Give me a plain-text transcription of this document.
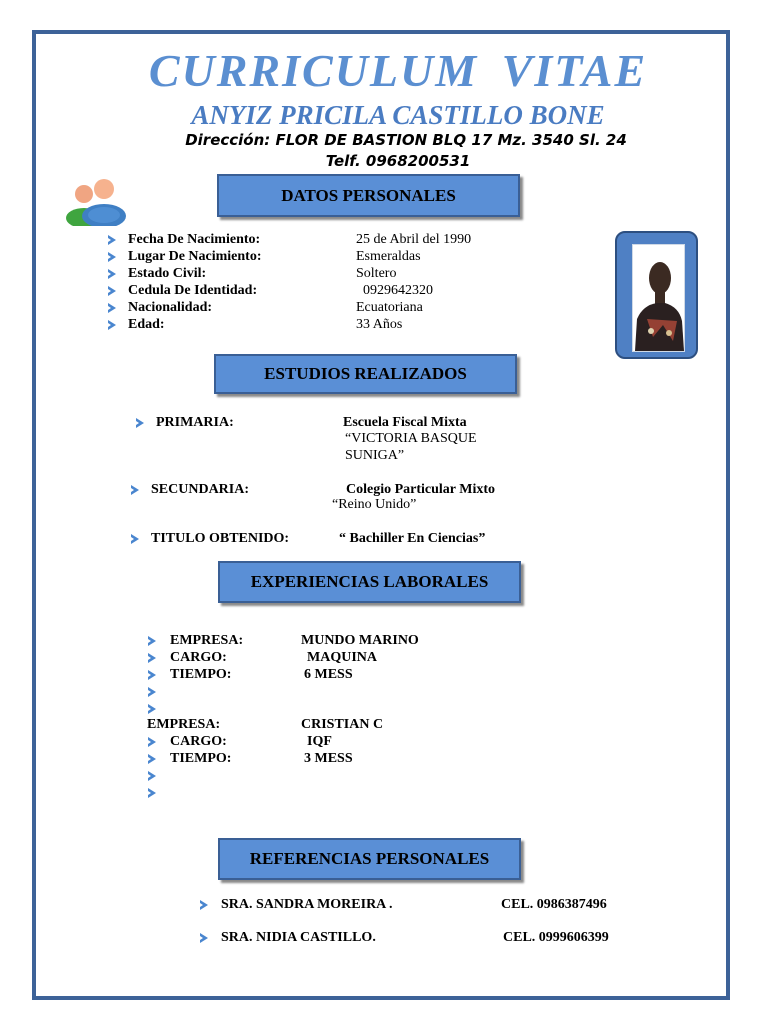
CURRICULUM VITAE
ANYIZ PRICILA CASTILLO BONE
Dirección: FLOR DE BASTION BLQ 17 Mz. 3540 Sl. 24
Telf. 0968200531
DATOS PERSONALES
Fecha De Nacimiento:	25 de Abril del 1990
Lugar De Nacimiento:	Esmeraldas
Estado Civil:	Soltero
Cedula De Identidad:	0929642320
Nacionalidad:	Ecuatoriana
Edad:	33 Años
ESTUDIOS REALIZADOS
PRIMARIA:	Escuela Fiscal Mixta
“VICTORIA BASQUE
SUNIGA”
SECUNDARIA:	Colegio Particular Mixto
“Reino Unido”
TITULO OBTENIDO:	“ Bachiller En Ciencias”
EXPERIENCIAS LABORALES
EMPRESA:	MUNDO MARINO
CARGO:	MAQUINA
TIEMPO:	6 MESS
EMPRESA:	CRISTIAN C
CARGO:	IQF
TIEMPO:	3 MESS
REFERENCIAS PERSONALES
SRA. SANDRA MOREIRA .	CEL. 0986387496
SRA. NIDIA CASTILLO.	CEL. 0999606399
